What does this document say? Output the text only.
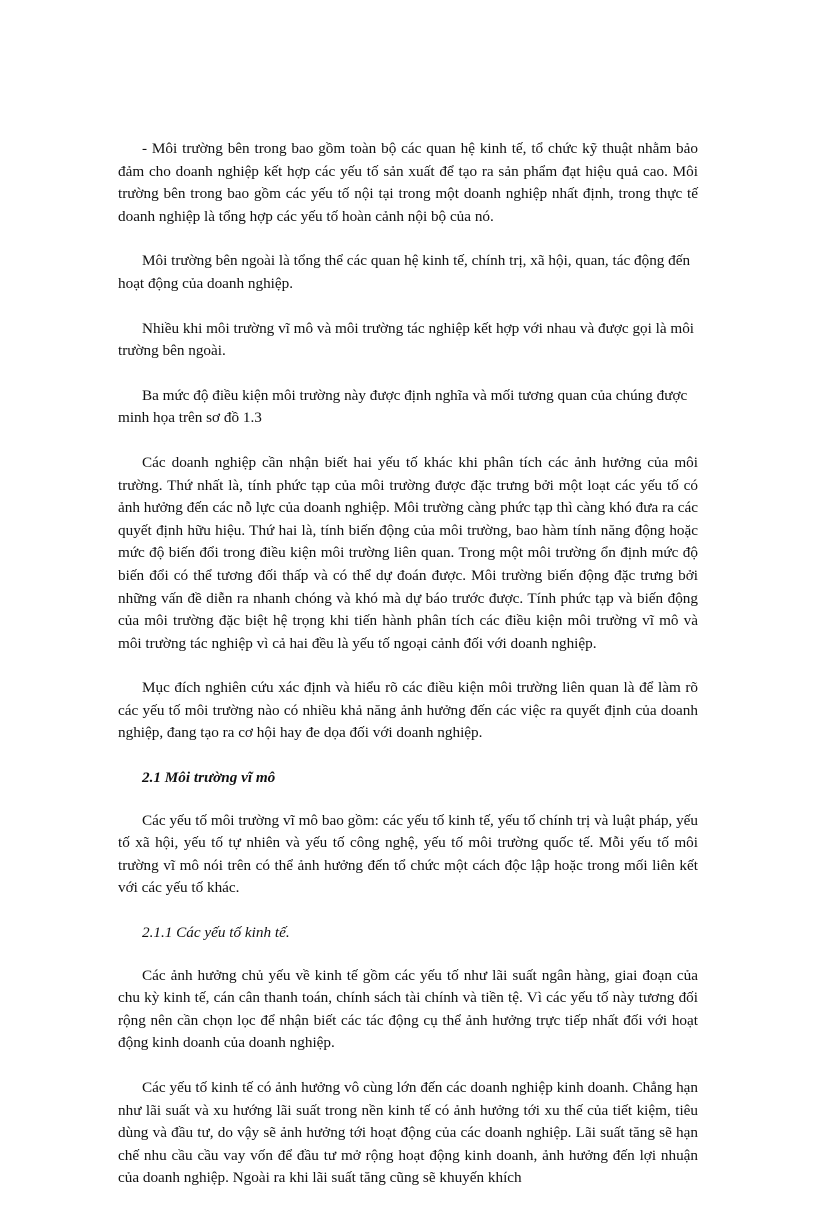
- Môi trường bên trong bao gồm toàn bộ các quan hệ kinh tế, tổ chức kỹ thuật nhằm bảo đảm cho doanh nghiệp kết hợp các yếu tố sản xuất để tạo ra sản phẩm đạt hiệu quả cao. Môi trường bên trong bao gồm các yếu tố nội tại trong một doanh nghiệp nhất định, trong thực tế doanh nghiệp là tổng hợp các yếu tố hoàn cảnh nội bộ của nó.

Môi trường bên ngoài là tổng thể các quan hệ kinh tế, chính trị, xã hội, quan, tác động đến hoạt động của doanh nghiệp.

Nhiều khi môi trường vĩ mô và môi trường tác nghiệp kết hợp với nhau và được gọi là môi trường bên ngoài.

Ba mức độ điều kiện môi trường này được định nghĩa và mối tương quan của chúng được minh họa trên sơ đồ 1.3

Các doanh nghiệp cần nhận biết hai yếu tố khác khi phân tích các ảnh hưởng của môi trường. Thứ nhất là, tính phức tạp của môi trường được đặc trưng bởi một loạt các yếu tố có ảnh hưởng đến các nỗ lực của doanh nghiệp. Môi trường càng phức tạp thì càng khó đưa ra các quyết định hữu hiệu. Thứ hai là, tính biến động của môi trường, bao hàm tính năng động hoặc mức độ biến đổi trong điều kiện môi trường liên quan. Trong một môi trường ổn định mức độ biến đổi có thể tương đối thấp và có thể dự đoán được. Môi trường biến động đặc trưng bởi những vấn đề diễn ra nhanh chóng và khó mà dự báo trước được. Tính phức tạp và biến động của môi trường đặc biệt hệ trọng khi tiến hành phân tích các điều kiện môi trường vĩ mô và môi trường tác nghiệp vì cả hai đều là yếu tố ngoại cảnh đối với doanh nghiệp.

Mục đích nghiên cứu xác định và hiểu rõ các điều kiện môi trường liên quan là để làm rõ các yếu tố môi trường nào có nhiều khả năng ảnh hưởng đến các việc ra quyết định của doanh nghiệp, đang tạo ra cơ hội hay đe dọa đối với doanh nghiệp.

2.1 Môi trường vĩ mô

Các yếu tố môi trường vĩ mô bao gồm: các yếu tố kinh tế, yếu tố chính trị và luật pháp, yếu tố xã hội, yếu tố tự nhiên và yếu tố công nghệ, yếu tố môi trường quốc tế. Mỗi yếu tố môi trường vĩ mô nói trên có thể ảnh hưởng đến tổ chức một cách độc lập hoặc trong mối liên kết với các yếu tố khác.

2.1.1 Các yếu tố kinh tế.

Các ảnh hưởng chủ yếu về kinh tế gồm các yếu tố như lãi suất ngân hàng, giai đoạn của chu kỳ kinh tế, cán cân thanh toán, chính sách tài chính và tiền tệ. Vì các yếu tố này tương đối rộng nên cần chọn lọc để nhận biết các tác động cụ thể ảnh hưởng trực tiếp nhất đối với hoạt động kinh doanh của doanh nghiệp.

Các yếu tố kinh tế có ảnh hưởng vô cùng lớn đến các doanh nghiệp kinh doanh. Chẳng hạn như lãi suất và xu hướng lãi suất trong nền kinh tế có ảnh hưởng tới xu thế của tiết kiệm, tiêu dùng và đầu tư, do vậy sẽ ảnh hưởng tới hoạt động của các doanh nghiệp. Lãi suất tăng sẽ hạn chế nhu cầu cầu vay vốn để đầu tư mở rộng hoạt động kinh doanh, ảnh hưởng đến lợi nhuận của doanh nghiệp. Ngoài ra khi lãi suất tăng cũng sẽ khuyến khích
